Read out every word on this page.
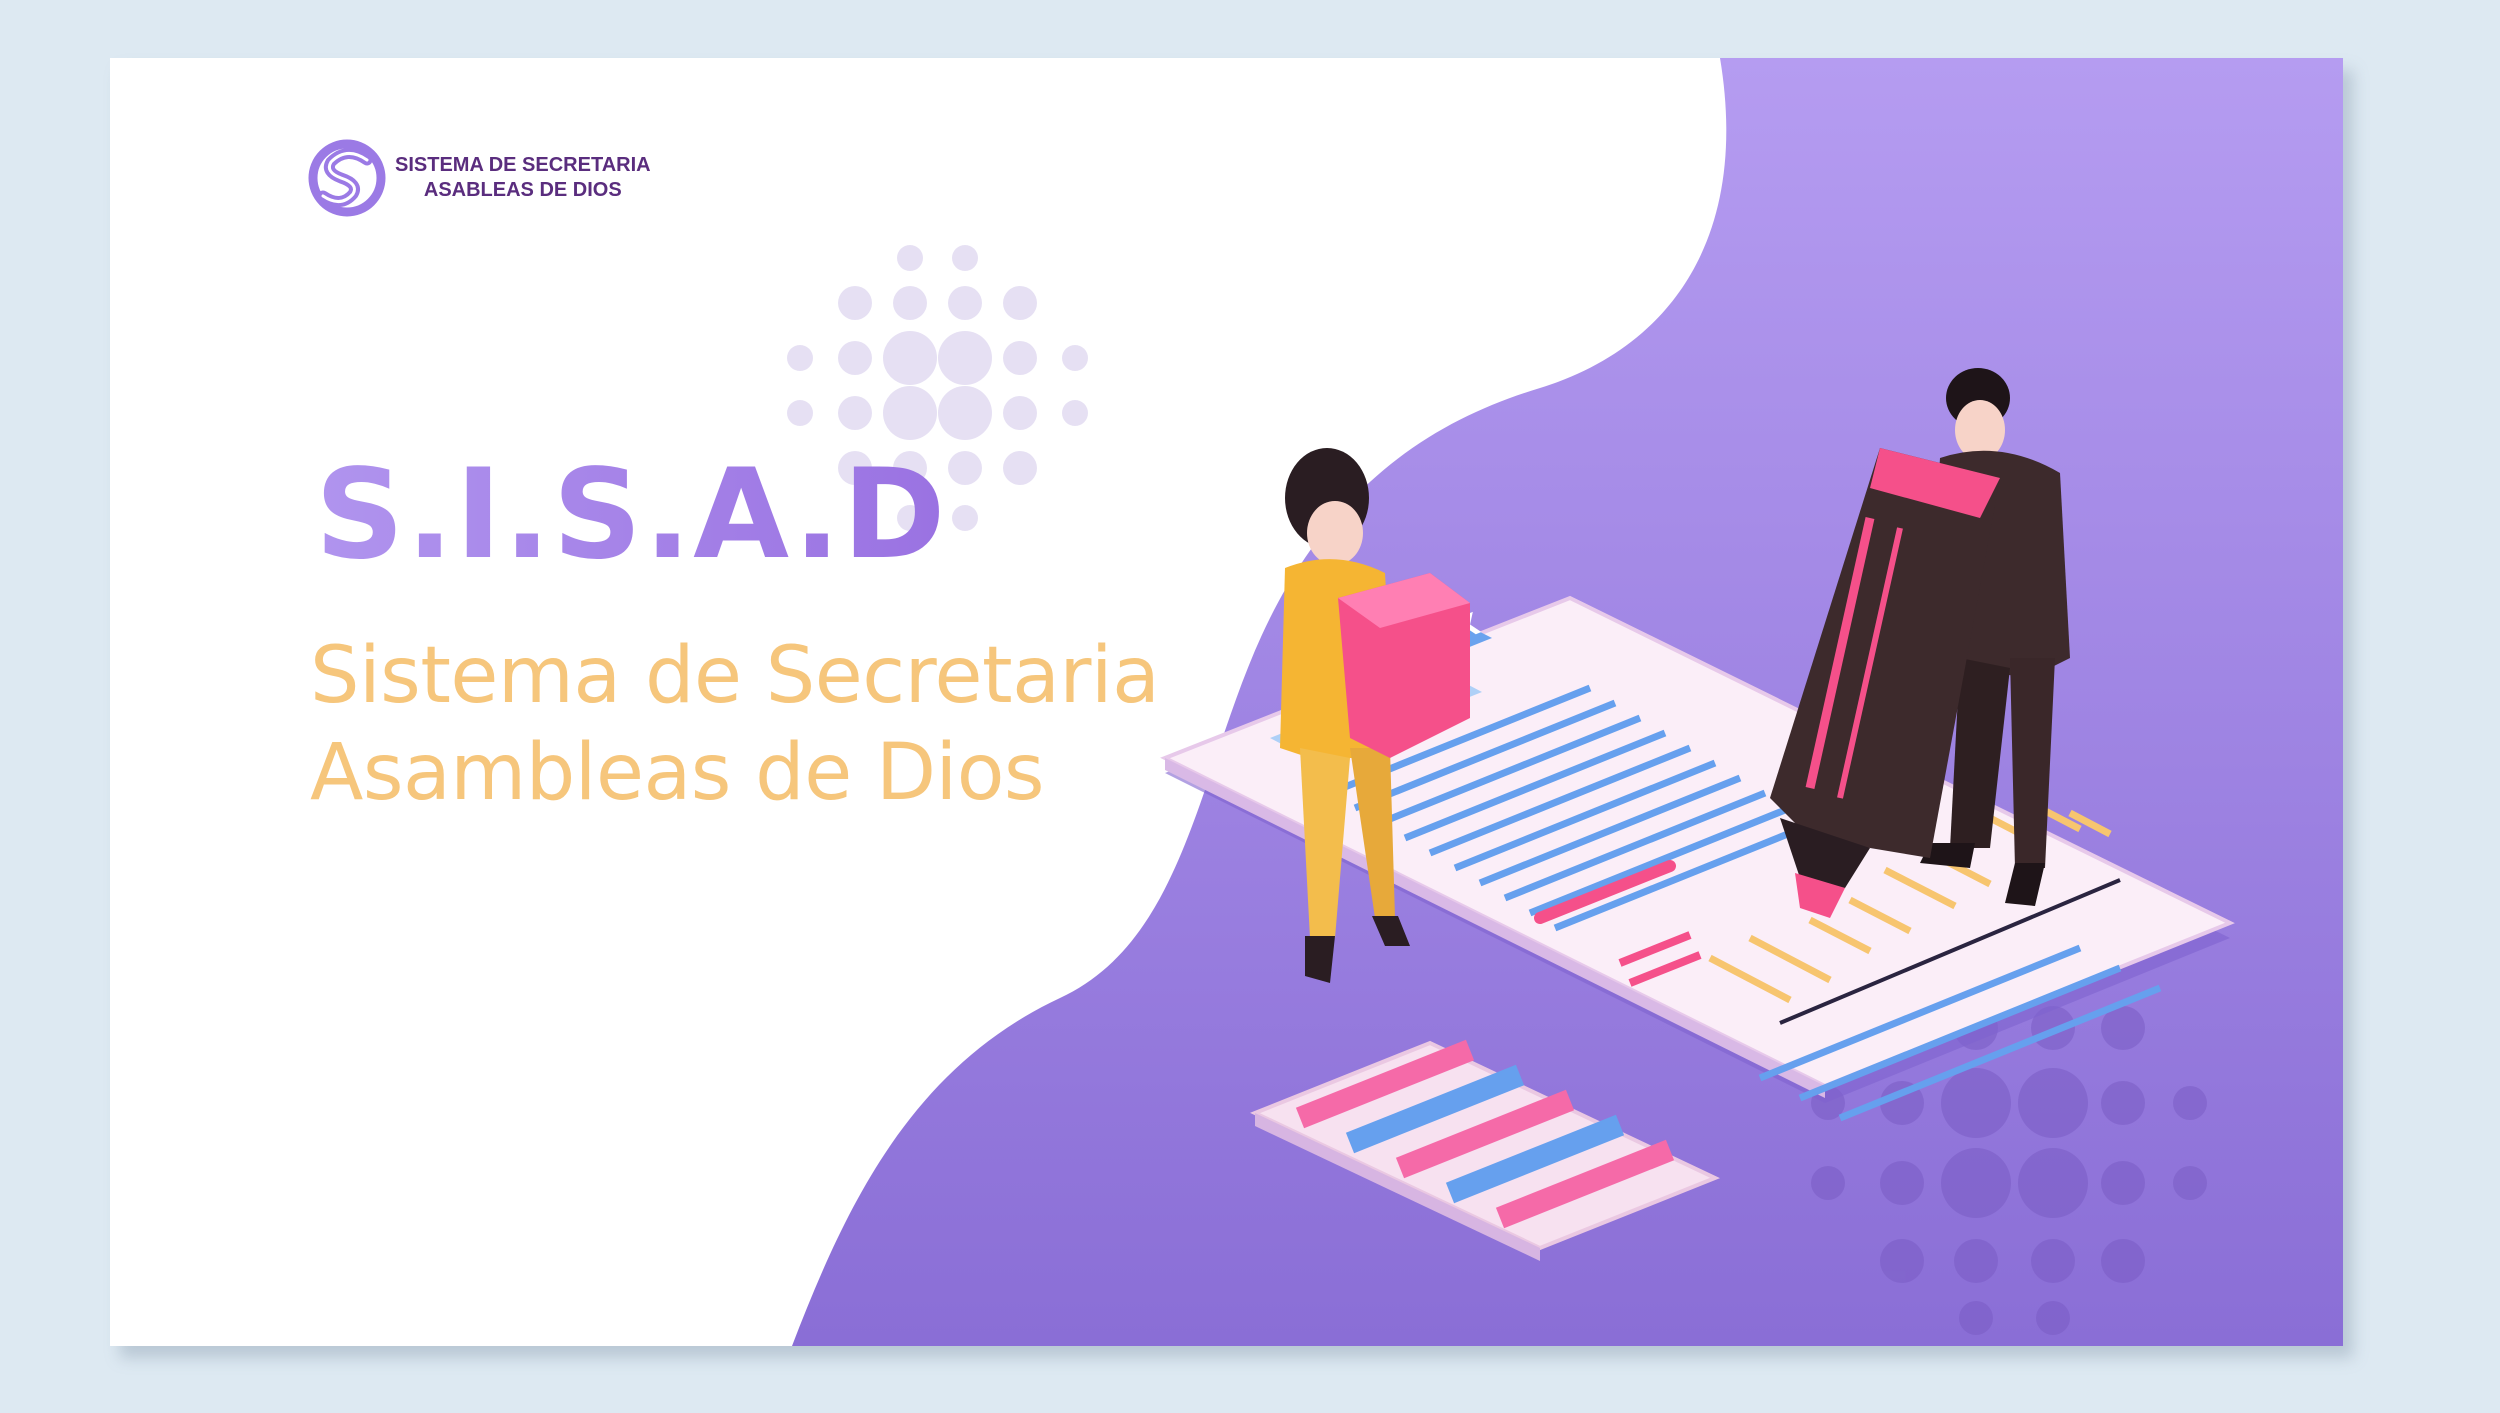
SISTEMA DE SECRETARIA
ASABLEAS DE DIOS
S.I.S.A.D
Sistema de Secretaria
Asambleas de Dios
